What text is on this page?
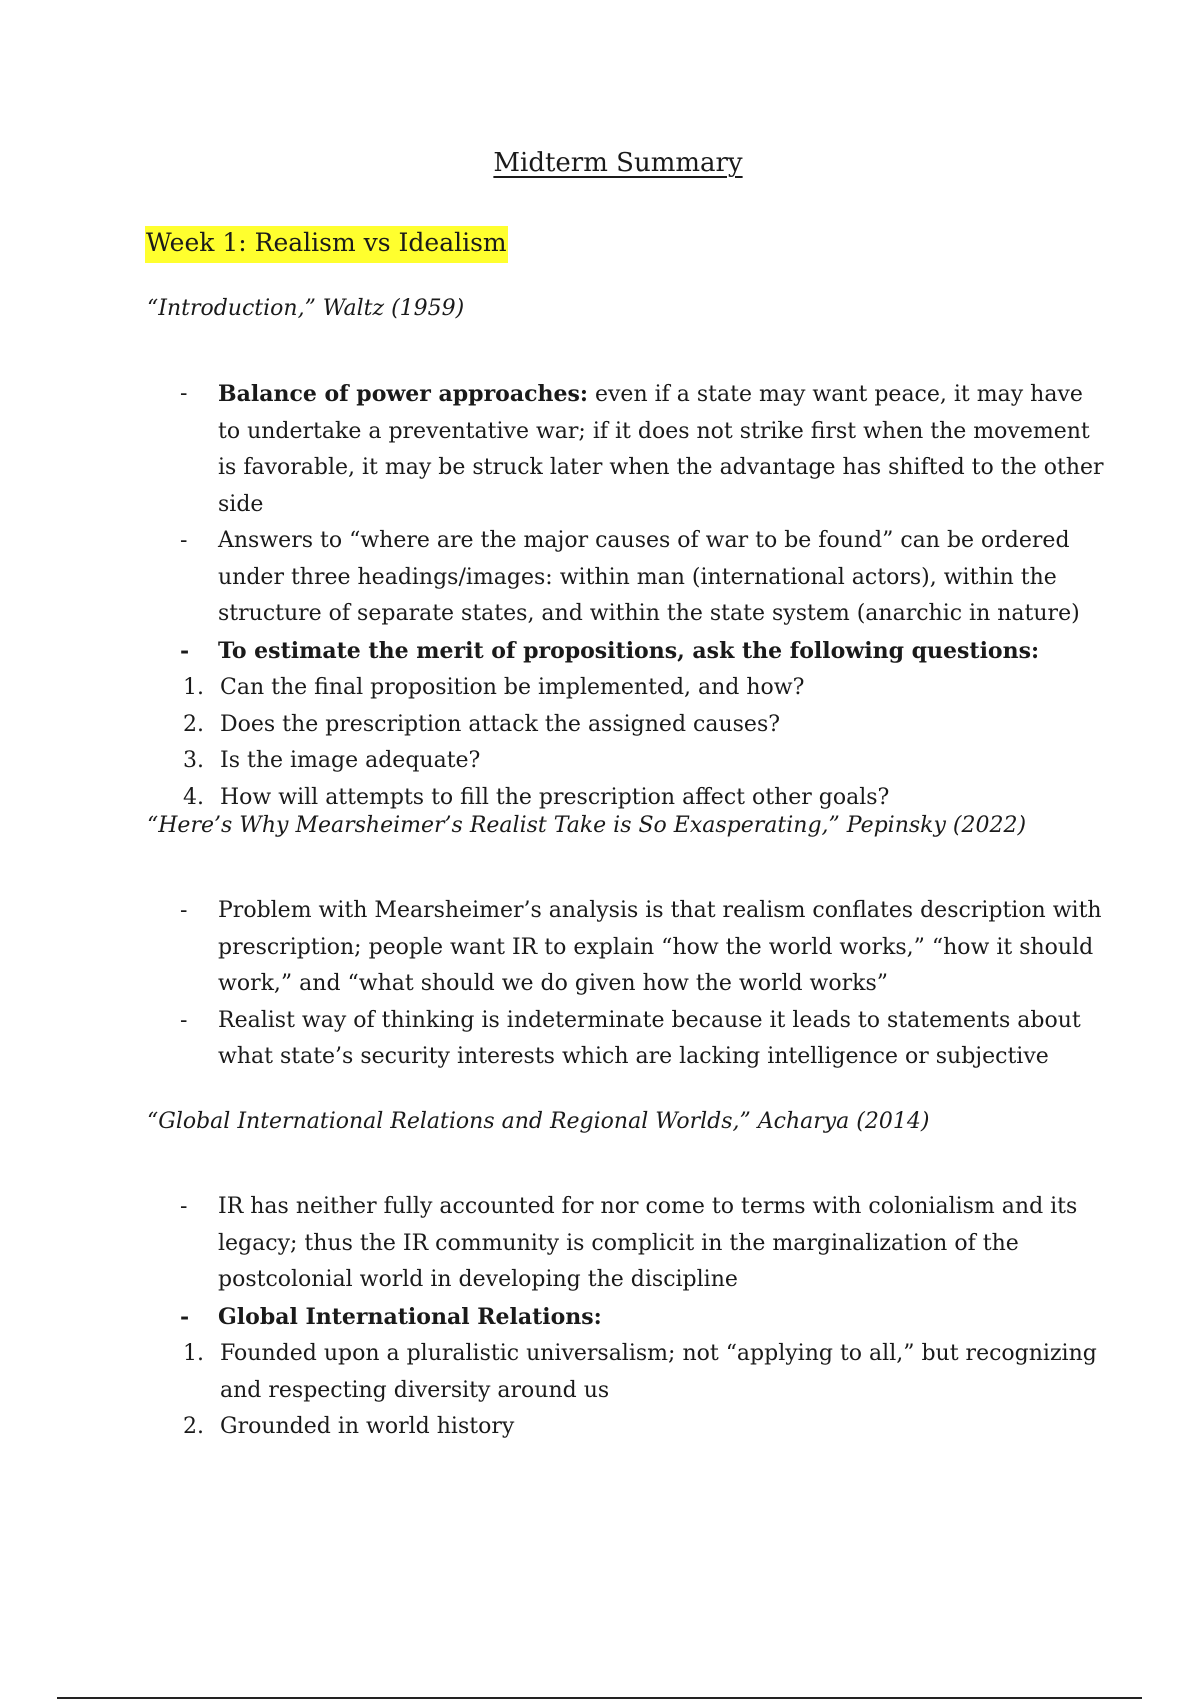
Midterm Summary
Week 1: Realism vs Idealism
“Introduction,” Waltz (1959)
- Balance of power approaches: even if a state may want peace, it may have to undertake a preventative war; if it does not strike first when the movement is favorable, it may be struck later when the advantage has shifted to the other side
- Answers to “where are the major causes of war to be found” can be ordered under three headings/images: within man (international actors), within the structure of separate states, and within the state system (anarchic in nature)
- To estimate the merit of propositions, ask the following questions:
1. Can the final proposition be implemented, and how?
2. Does the prescription attack the assigned causes?
3. Is the image adequate?
4. How will attempts to fill the prescription affect other goals?
“Here’s Why Mearsheimer’s Realist Take is So Exasperating,” Pepinsky (2022)
- Problem with Mearsheimer’s analysis is that realism conflates description with prescription; people want IR to explain “how the world works,” “how it should work,” and “what should we do given how the world works”
- Realist way of thinking is indeterminate because it leads to statements about what state’s security interests which are lacking intelligence or subjective
“Global International Relations and Regional Worlds,” Acharya (2014)
- IR has neither fully accounted for nor come to terms with colonialism and its legacy; thus the IR community is complicit in the marginalization of the postcolonial world in developing the discipline
- Global International Relations:
1. Founded upon a pluralistic universalism; not “applying to all,” but recognizing and respecting diversity around us
2. Grounded in world history
